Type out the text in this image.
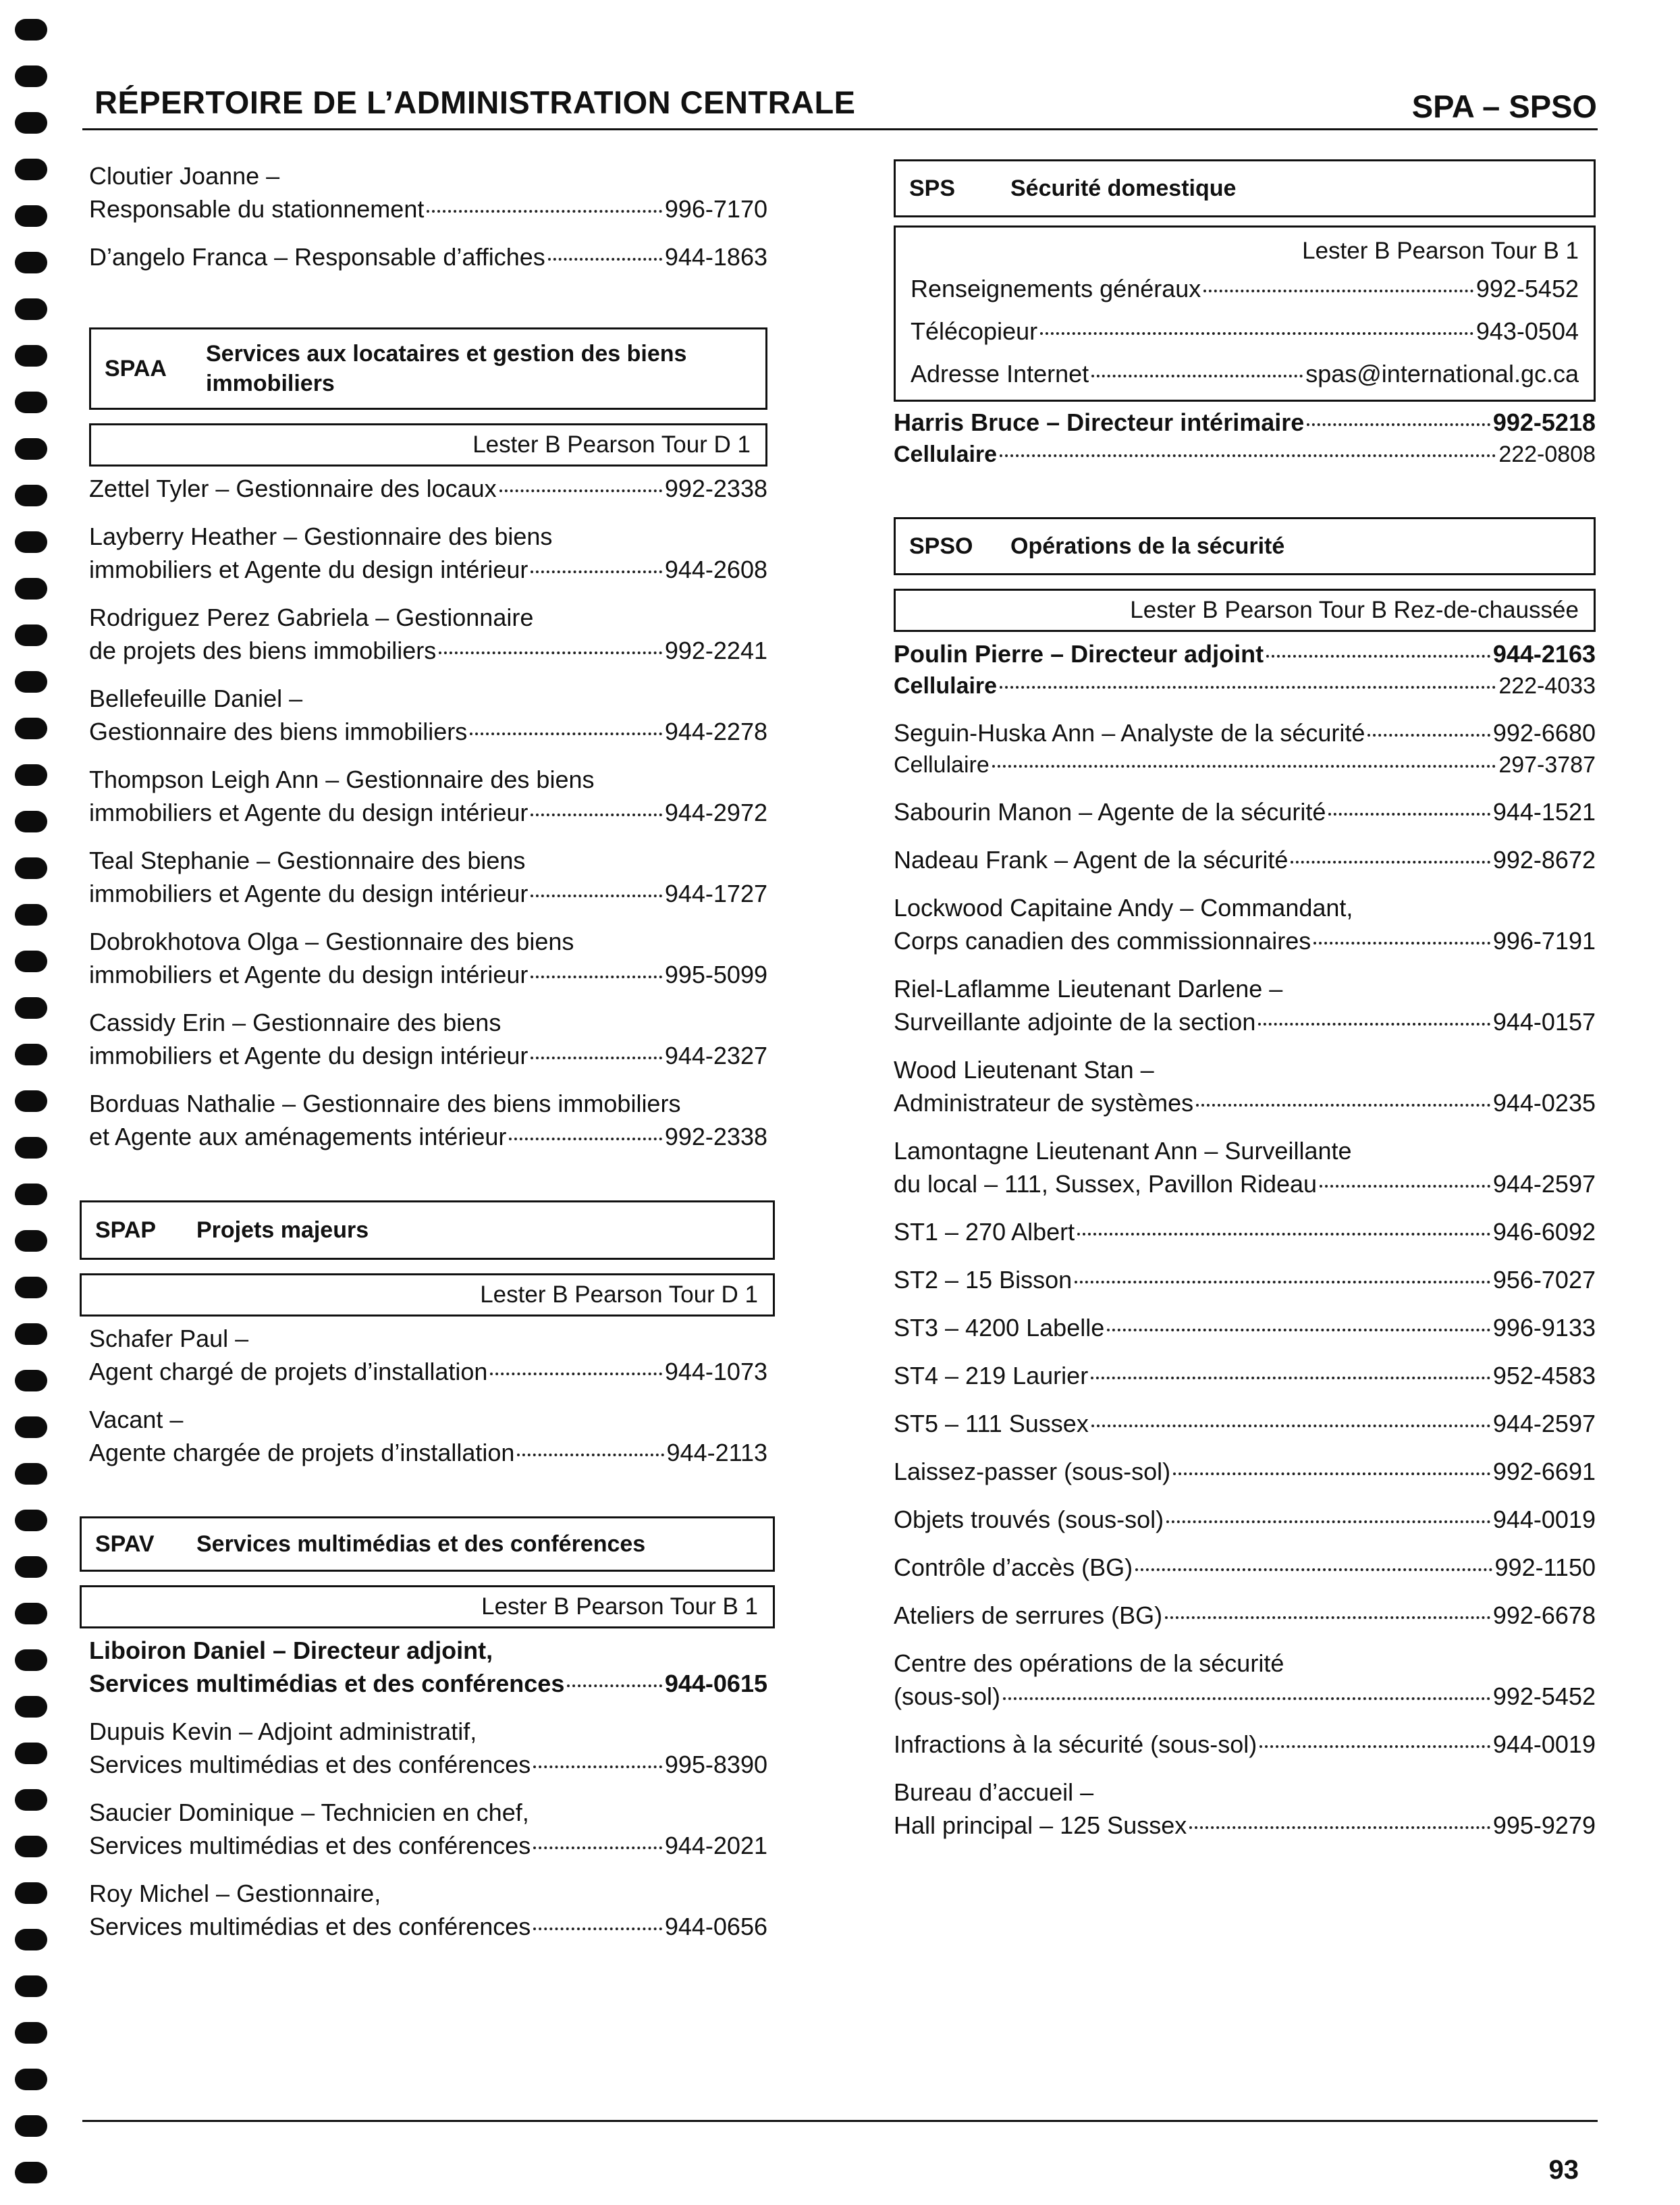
RÉPERTOIRE DE L’ADMINISTRATION CENTRALE	SPA – SPSO
Cloutier Joanne –
Responsable du stationnement	996-7170
D’angelo Franca – Responsable d’affiches	944-1863
SPAA
Services aux locataires et gestion des biens immobiliers
Lester B Pearson Tour D 1
Zettel Tyler – Gestionnaire des locaux	992-2338
Layberry Heather – Gestionnaire des biens
immobiliers et Agente du design intérieur	944-2608
Rodriguez Perez Gabriela – Gestionnaire
de projets des biens immobiliers	992-2241
Bellefeuille Daniel –
Gestionnaire des biens immobiliers	944-2278
Thompson Leigh Ann – Gestionnaire des biens
immobiliers et Agente du design intérieur	944-2972
Teal Stephanie – Gestionnaire des biens
immobiliers et Agente du design intérieur	944-1727
Dobrokhotova Olga – Gestionnaire des biens
immobiliers et Agente du design intérieur	995-5099
Cassidy Erin – Gestionnaire des biens
immobiliers et Agente du design intérieur	944-2327
Borduas Nathalie – Gestionnaire des biens immobiliers
et Agente aux aménagements intérieur	992-2338
SPAP	Projets majeurs
Lester B Pearson Tour D 1
Schafer Paul –
Agent chargé de projets d’installation	944-1073
Vacant –
Agente chargée de projets d’installation	944-2113
SPAV	Services multimédias et des conférences
Lester B Pearson Tour B 1
Liboiron Daniel – Directeur adjoint,
Services multimédias et des conférences	944-0615
Dupuis Kevin – Adjoint administratif,
Services multimédias et des conférences	995-8390
Saucier Dominique – Technicien en chef,
Services multimédias et des conférences	944-2021
Roy Michel – Gestionnaire,
Services multimédias et des conférences	944-0656
SPS	Sécurité domestique
Lester B Pearson Tour B 1
Renseignements généraux	992-5452
Télécopieur	943-0504
Adresse Internet	spas@international.gc.ca
Harris Bruce – Directeur intérimaire	992-5218
Cellulaire	222-0808
SPSO	Opérations de la sécurité
Lester B Pearson Tour B Rez-de-chaussée
Poulin Pierre – Directeur adjoint	944-2163
Cellulaire	222-4033
Seguin-Huska Ann – Analyste de la sécurité	992-6680
Cellulaire	297-3787
Sabourin Manon – Agente de la sécurité	944-1521
Nadeau Frank – Agent de la sécurité	992-8672
Lockwood Capitaine Andy – Commandant,
Corps canadien des commissionnaires	996-7191
Riel-Laflamme Lieutenant Darlene –
Surveillante adjointe de la section	944-0157
Wood Lieutenant Stan –
Administrateur de systèmes	944-0235
Lamontagne Lieutenant Ann – Surveillante
du local – 111, Sussex, Pavillon Rideau	944-2597
ST1 – 270 Albert	946-6092
ST2 – 15 Bisson	956-7027
ST3 – 4200 Labelle	996-9133
ST4 – 219 Laurier	952-4583
ST5 – 111 Sussex	944-2597
Laissez-passer (sous-sol)	992-6691
Objets trouvés (sous-sol)	944-0019
Contrôle d’accès (BG)	992-1150
Ateliers de serrures (BG)	992-6678
Centre des opérations de la sécurité
(sous-sol)	992-5452
Infractions à la sécurité (sous-sol)	944-0019
Bureau d’accueil –
Hall principal – 125 Sussex	995-9279
93
